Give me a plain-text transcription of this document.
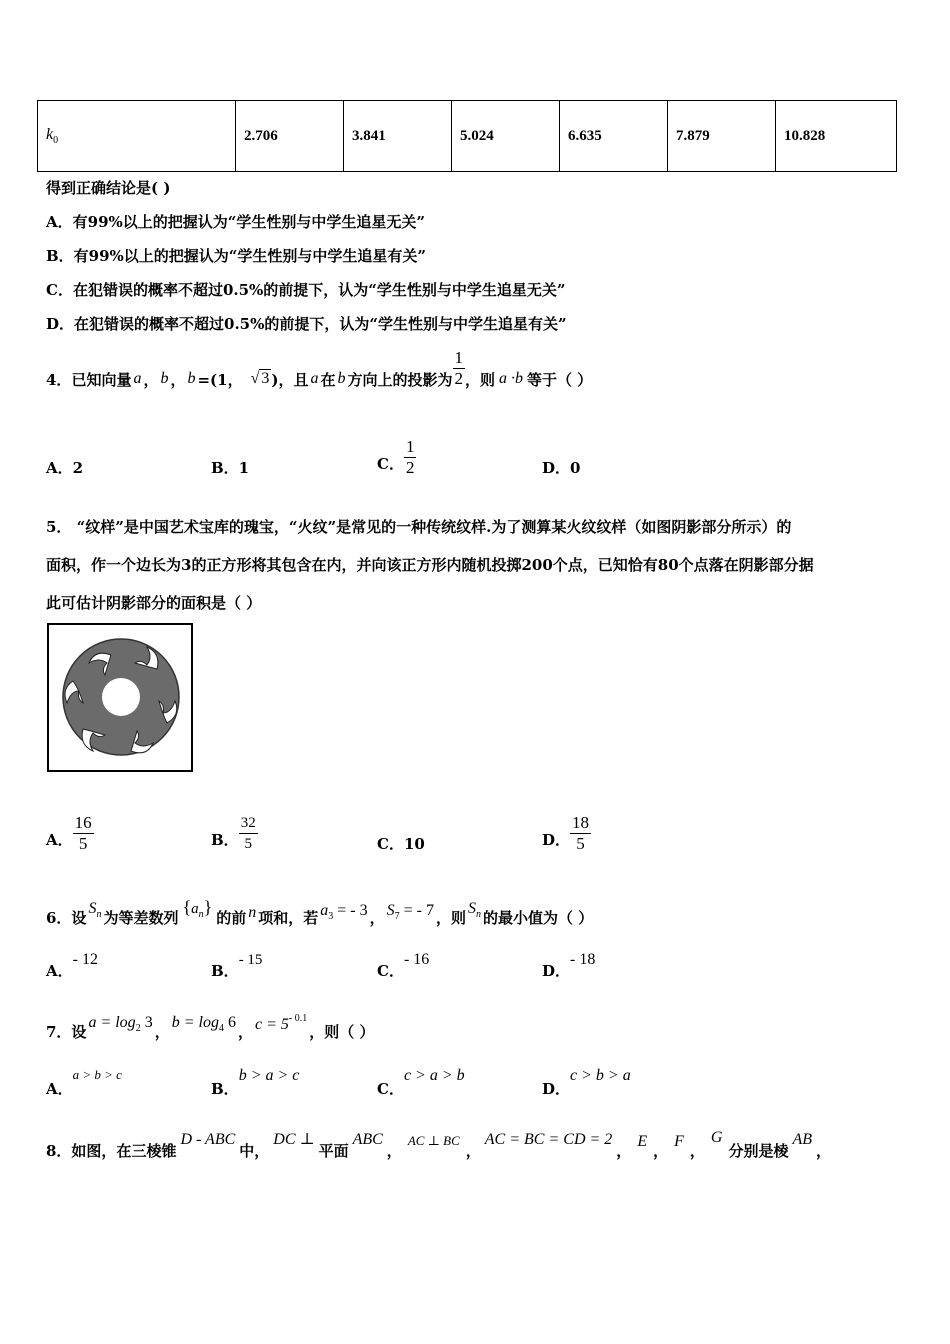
$k_0$	2.706	3.841	5.024	6.635	7.879	10.828
得到正确结论是( )
A．有99%以上的把握认为“学生性别与中学生追星无关”
B．有99%以上的把握认为“学生性别与中学生追星有关”
C．在犯错误的概率不超过0.5%的前提下，认为“学生性别与中学生追星无关”
D．在犯错误的概率不超过0.5%的前提下，认为“学生性别与中学生追星有关”
4． 已知向量 a ， b ， b =(1， √ 3 )，且 a 在 b 方向上的投影为 $\frac{1}{2}$ ，则 a ·b 等于（ ）
A．2	B．1	C． $\frac{1}{2}$	D．0
5． “纹样”是中国艺术宝库的瑰宝，“火纹”是常见的一种传统纹样.为了测算某火纹纹样（如图阴影部分所示）的
面积，作一个边长为3的正方形将其包含在内，并向该正方形内随机投掷200个点，已知恰有80个点落在阴影部分据
此可估计阴影部分的面积是（ ）
A． $\frac{16}{5}$	B． $\frac{32}{5}$	C．10	D． $\frac{18}{5}$
6．设
$S_n$ 为等差数列
$\{a_n\}$
的前 n 项和，若 $a_3$ = - 3 ， $S_7$ = - 7 ，则
$S_n$ 的最小值为（ ）
A．
- 12
B．
- 15
C．
- 16
D．
- 18
7．设
$a = \log_2 3$
，
$b = \log_4 6$
， $c = 5^{- 0.1}$
，则（ ）
A．
a > b > c
B．
b > a > c
C．
c > a > b
D．
c > b > a
8．如图，在三棱锥
D - ABC
中，
DC ⊥
平面
ABC
，
AC ⊥ BC
，
AC = BC = CD = 2
，
E
，
F
，
G
分别是棱
AB
，
